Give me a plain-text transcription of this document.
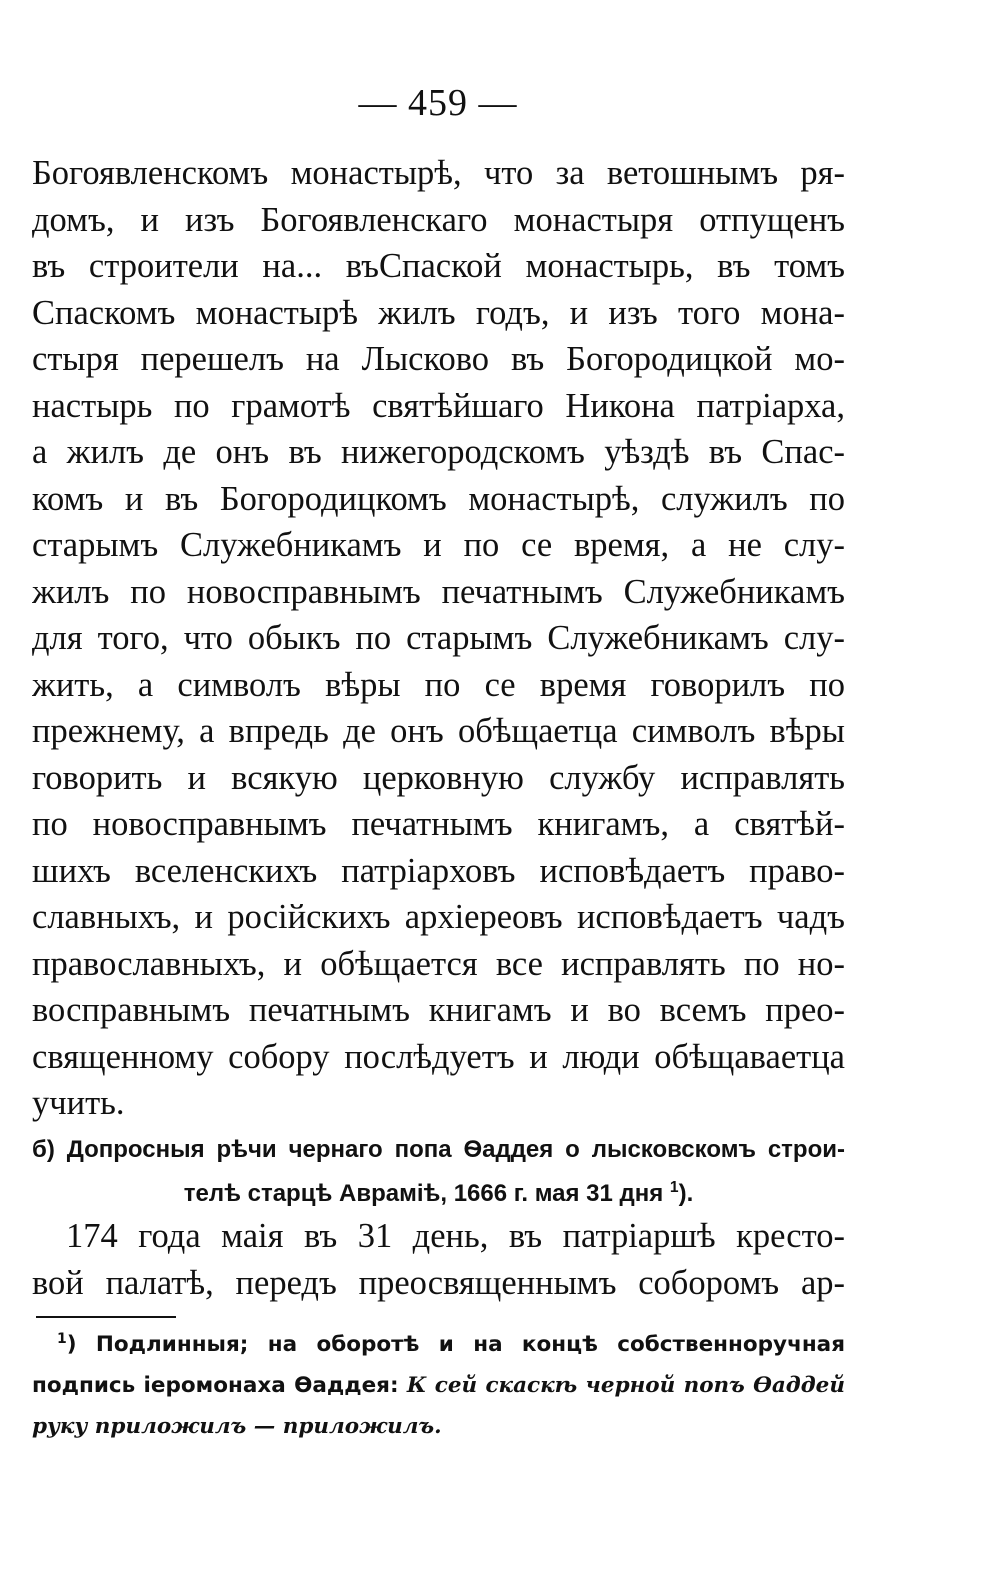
— 459 —
Богоявленскомъ монастырѣ, что за ветошнымъ ря-
домъ, и изъ Богоявленскаго монастыря отпущенъ
въ строители на... въСпаской монастырь, въ томъ
Спаскомъ монастырѣ жилъ годъ, и изъ того мона-
стыря перешелъ на Лысково въ Богородицкой мо-
настырь по грамотѣ святѣйшаго Никона патріарха,
а жилъ де онъ въ нижегородскомъ уѣздѣ въ Спас-
комъ и въ Богородицкомъ монастырѣ, служилъ по
старымъ Служебникамъ и по се время, а не слу-
жилъ по новосправнымъ печатнымъ Служебникамъ
для того, что обыкъ по старымъ Служебникамъ слу-
жить, а символъ вѣры по се время говорилъ по
прежнему, а впредь де онъ обѣщаетца символъ вѣры
говорить и всякую церковную службу исправлять
по новосправнымъ печатнымъ книгамъ, а святѣй-
шихъ вселенскихъ патріарховъ исповѣдаетъ право-
славныхъ, и російскихъ архіереовъ исповѣдаетъ чадъ
православныхъ, и обѣщается все исправлять по но-
восправнымъ печатнымъ книгамъ и во всемъ прео-
священному собору послѣдуетъ и люди обѣщаваетца
учить.
б) Допросныя рѣчи чернаго попа Ѳаддея о лысковскомъ строи-
телѣ старцѣ Аврамiѣ, 1666 г. мая 31 дня $^1$).
174 года маія въ 31 день, въ патріаршѣ кресто-
вой палатѣ, передъ преосвященнымъ соборомъ ар-
$^1$) Подлинныя; на оборотѣ и на концѣ собственноручная
подпись іеромонаха Ѳаддея: К сей скаскѣ черной попъ Ѳаддей
руку приложилъ — приложилъ.
